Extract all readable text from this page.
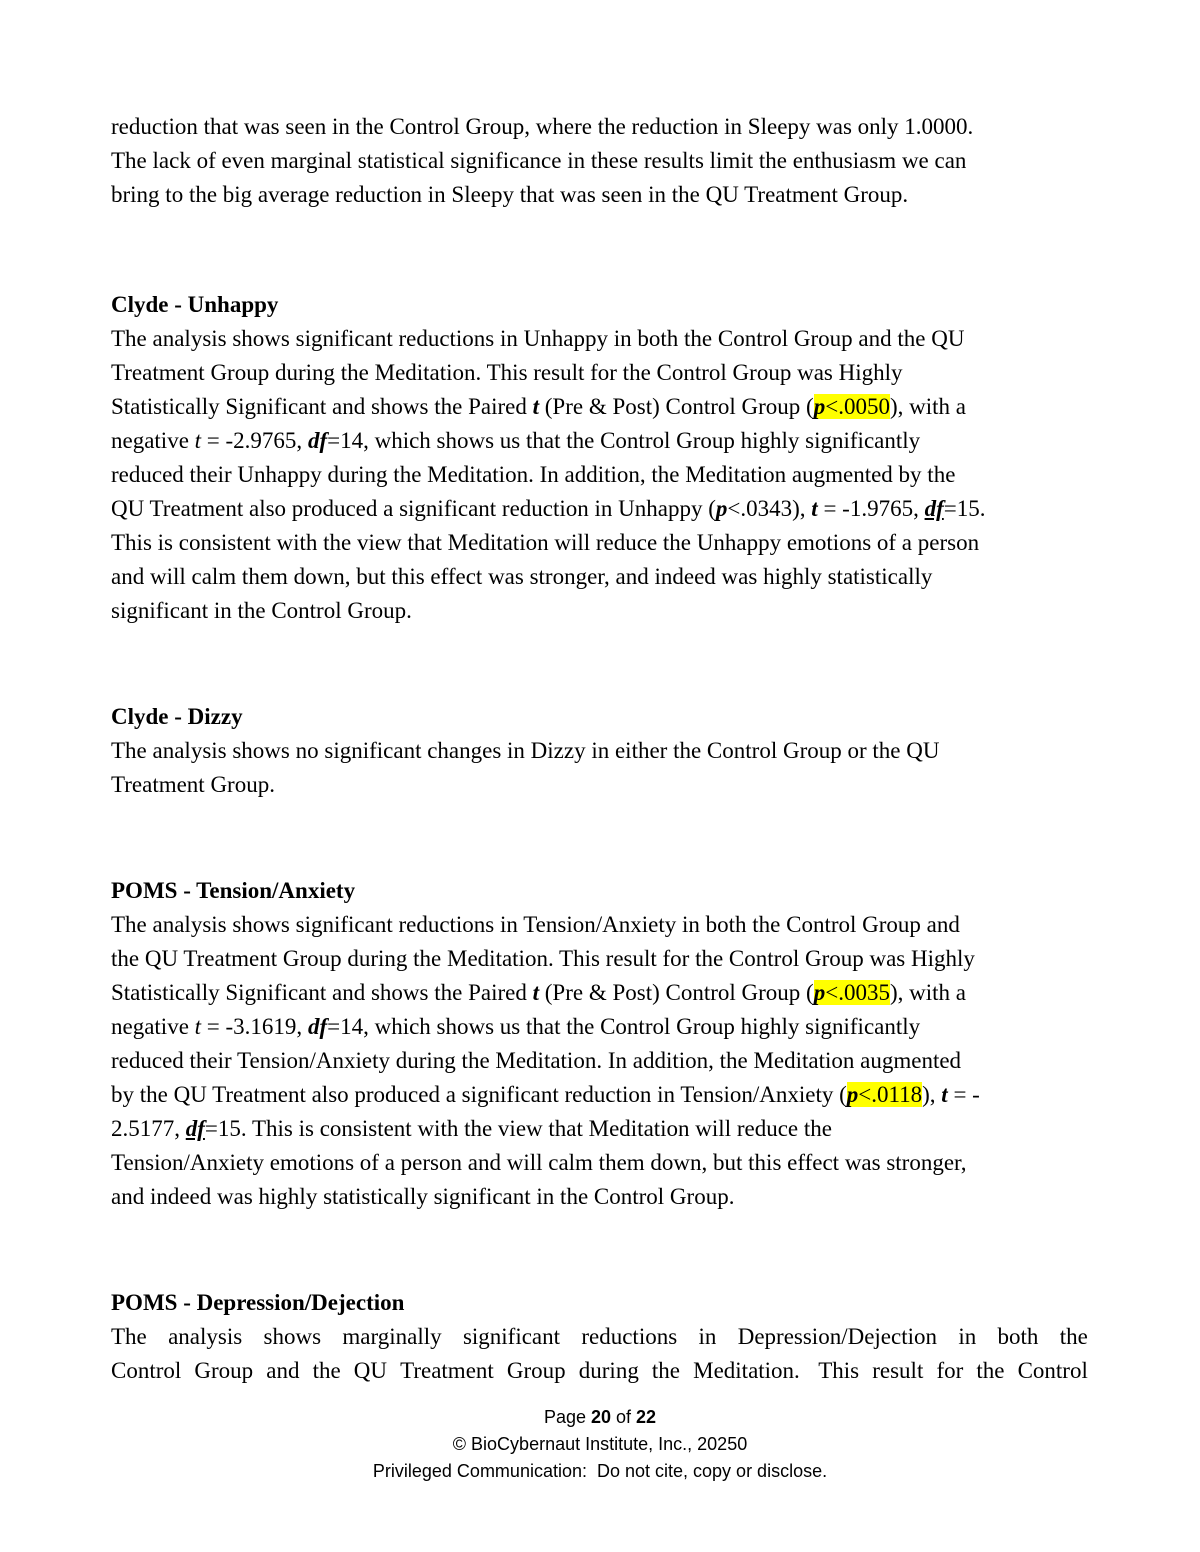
reduction that was seen in the Control Group, where the reduction in Sleepy was only 1.0000.
The lack of even marginal statistical significance in these results limit the enthusiasm we can
bring to the big average reduction in Sleepy that was seen in the QU Treatment Group.
Clyde - Unhappy
The analysis shows significant reductions in Unhappy in both the Control Group and the QU
Treatment Group during the Meditation. This result for the Control Group was Highly
Statistically Significant and shows the Paired t (Pre & Post) Control Group (p<.0050), with a
negative t = -2.9765, df=14, which shows us that the Control Group highly significantly
reduced their Unhappy during the Meditation. In addition, the Meditation augmented by the
QU Treatment also produced a significant reduction in Unhappy (p<.0343), t = -1.9765, df=15.
This is consistent with the view that Meditation will reduce the Unhappy emotions of a person
and will calm them down, but this effect was stronger, and indeed was highly statistically
significant in the Control Group.
Clyde - Dizzy
The analysis shows no significant changes in Dizzy in either the Control Group or the QU
Treatment Group.
POMS - Tension/Anxiety
The analysis shows significant reductions in Tension/Anxiety in both the Control Group and
the QU Treatment Group during the Meditation. This result for the Control Group was Highly
Statistically Significant and shows the Paired t (Pre & Post) Control Group (p<.0035), with a
negative t = -3.1619, df=14, which shows us that the Control Group highly significantly
reduced their Tension/Anxiety during the Meditation. In addition, the Meditation augmented
by the QU Treatment also produced a significant reduction in Tension/Anxiety (p<.0118), t = -
2.5177, df=15. This is consistent with the view that Meditation will reduce the
Tension/Anxiety emotions of a person and will calm them down, but this effect was stronger,
and indeed was highly statistically significant in the Control Group.
POMS - Depression/Dejection
The analysis shows marginally significant reductions in Depression/Dejection in both the
Control Group and the QU Treatment Group during the Meditation. This result for the Control
Page 20 of 22
© BioCybernaut Institute, Inc., 20250
Privileged Communication:  Do not cite, copy or disclose.
